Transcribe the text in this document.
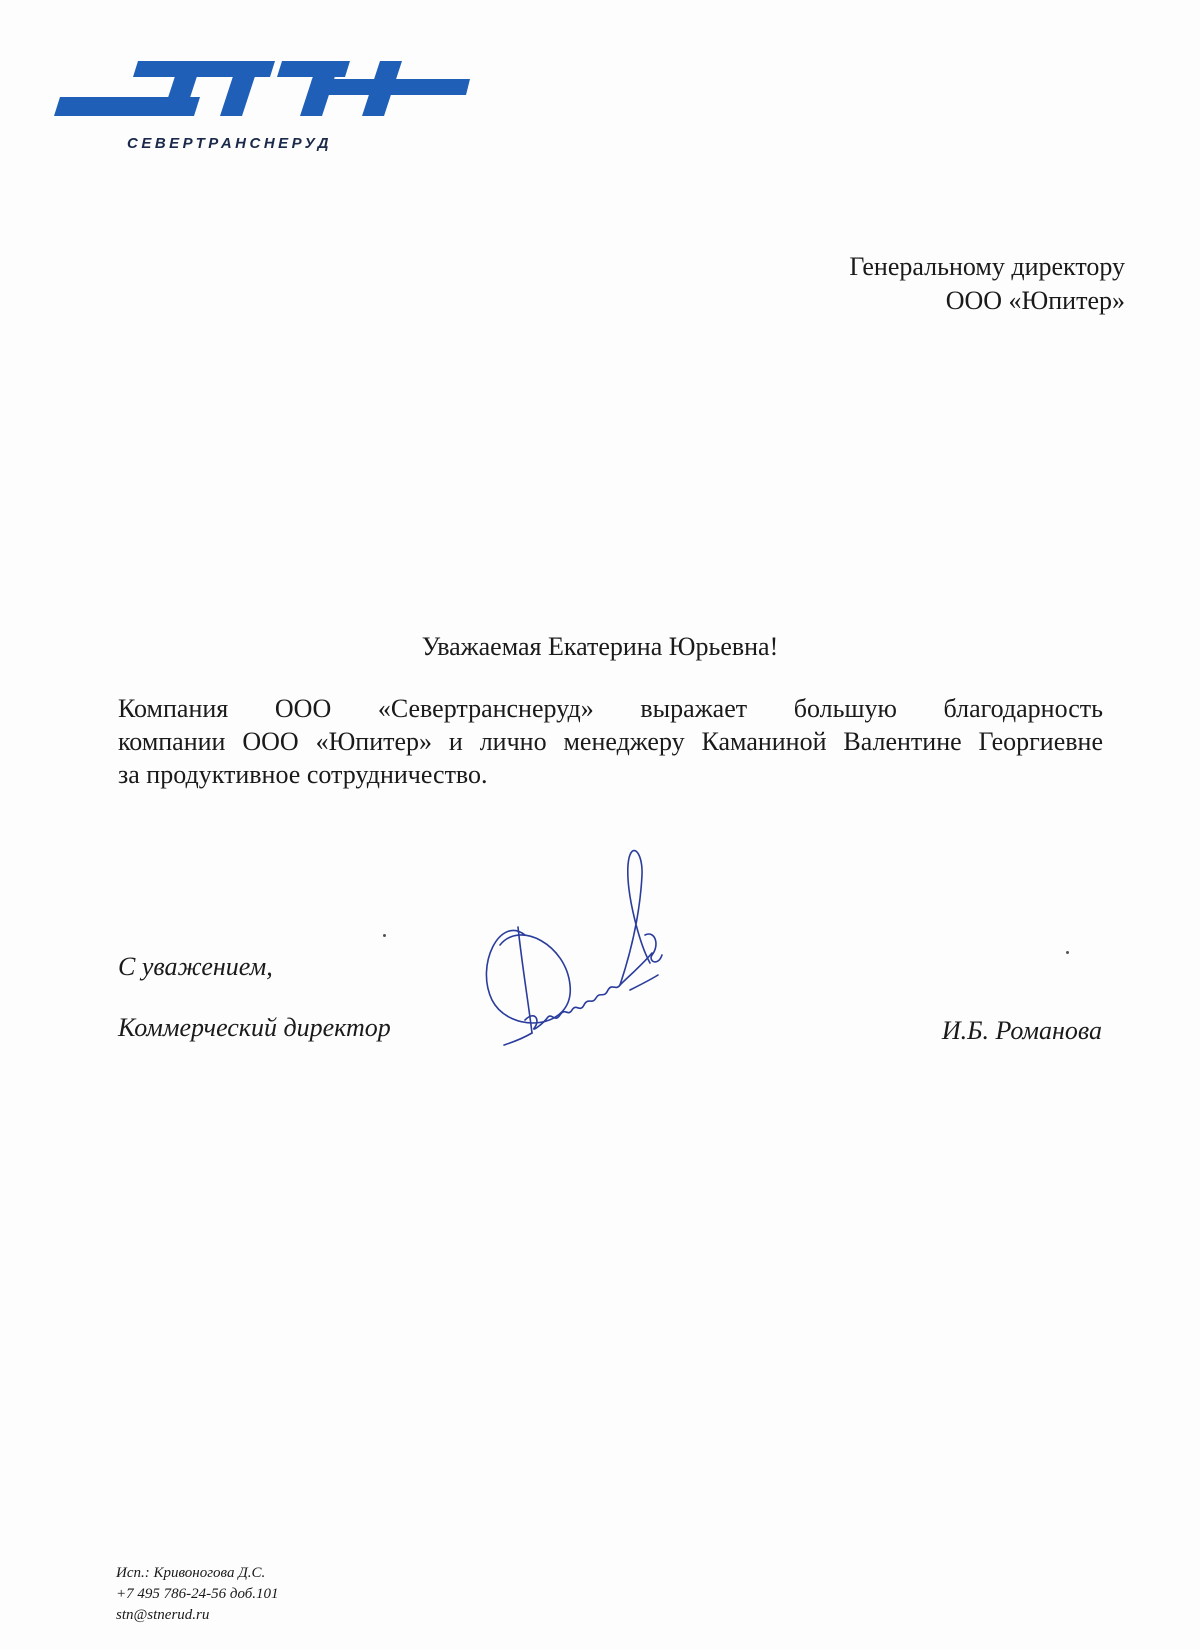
СЕВЕРТРАНСНЕРУД
Генеральному директору
ООО «Юпитер»
Уважаемая Екатерина Юрьевна!
Компания ООО «Севертранснеруд» выражает большую благодарность
компании ООО «Юпитер» и лично менеджеру Каманиной Валентине Георгиевне
за продуктивное сотрудничество.
С уважением,
Коммерческий директор	И.Б. Романова
Исп.: Кривоногова Д.С.
+7 495 786-24-56 доб.101
stn@stnerud.ru
